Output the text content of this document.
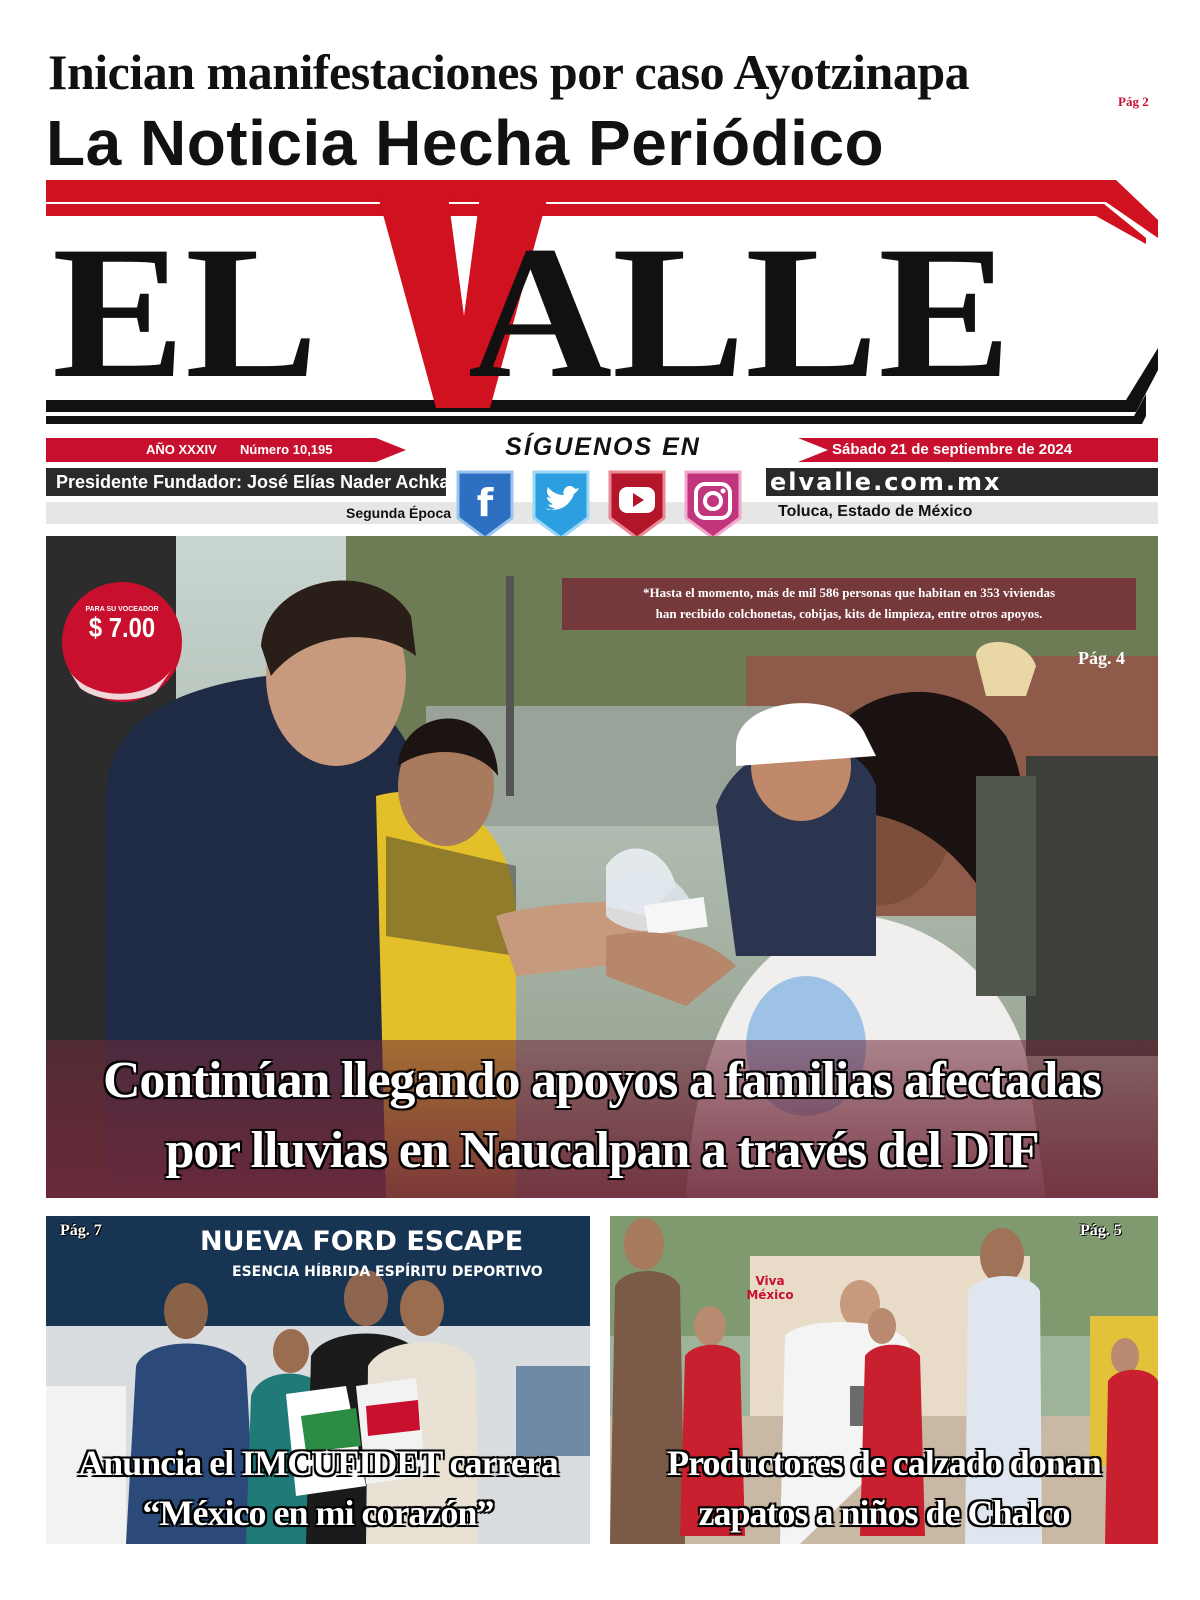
Inician manifestaciones por caso Ayotzinapa
Pág 2
La Noticia Hecha Periódico
EL ALLE
AÑO XXXIV Número 10,195	SÍGUENOS EN	Sábado 21 de septiembre de 2024
Presidente Fundador: José Elías Nader Achkar	elvalle.com.mx
Segunda Época	Toluca, Estado de México
f
PARA SU VOCEADOR
$ 7.00
*Hasta el momento, más de mil 586 personas que habitan en 353 viviendas
han recibido colchonetas, cobijas, kits de limpieza, entre otros apoyos.
Pág. 4
Continúan llegando apoyos a familias afectadas
por lluvias en Naucalpan a través del DIF
NUEVA FORD ESCAPE
ESENCIA HÍBRIDA ESPÍRITU DEPORTIVO
Pág. 7
Anuncia el IMCUFIDET carrera
“México en mi corazón”
Viva México
Pág. 5
Productores de calzado donan
zapatos a niños de Chalco
